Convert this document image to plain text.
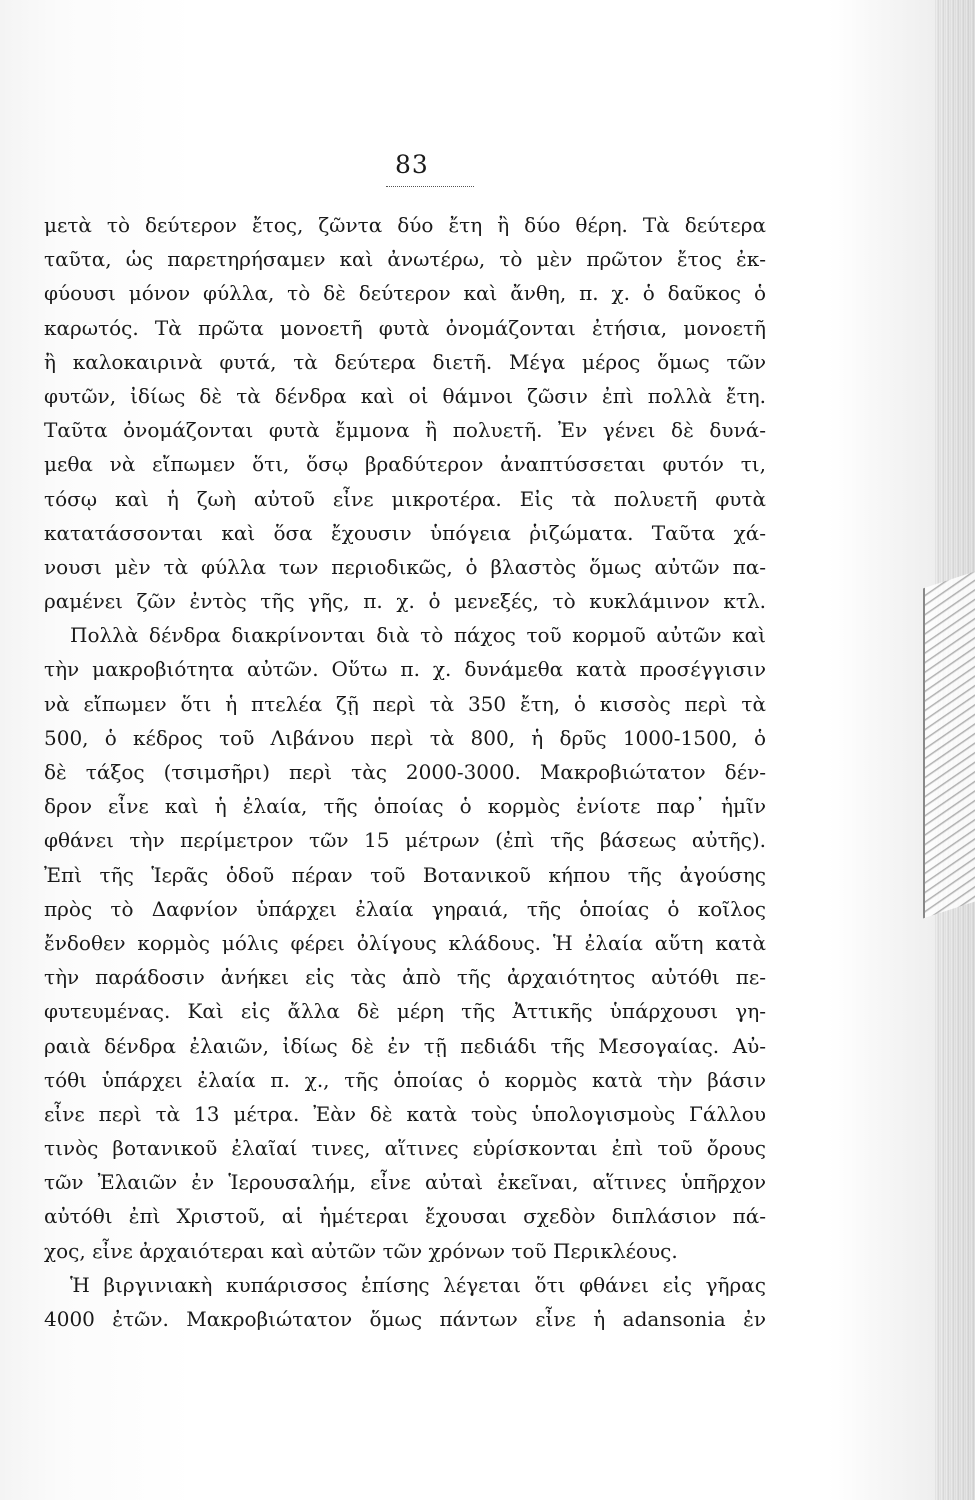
83
μετὰ τὸ δεύτερον ἔτος, ζῶντα δύο ἔτη ἢ δύο θέρη. Τὰ δεύτερα
ταῦτα, ὡς παρετηρήσαμεν καὶ ἀνωτέρω, τὸ μὲν πρῶτον ἔτος ἐκ-
φύουσι μόνον φύλλα, τὸ δὲ δεύτερον καὶ ἄνθη, π. χ. ὁ δαῦκος ὁ
καρωτός. Τὰ πρῶτα μονοετῆ φυτὰ ὀνομάζονται ἐτήσια, μονοετῆ
ἢ καλοκαιρινὰ φυτά, τὰ δεύτερα διετῆ. Μέγα μέρος ὅμως τῶν
φυτῶν, ἰδίως δὲ τὰ δένδρα καὶ οἱ θάμνοι ζῶσιν ἐπὶ πολλὰ ἔτη.
Ταῦτα ὀνομάζονται φυτὰ ἔμμονα ἢ πολυετῆ. Ἐν γένει δὲ δυνά-
μεθα νὰ εἴπωμεν ὅτι, ὅσῳ βραδύτερον ἀναπτύσσεται φυτόν τι,
τόσῳ καὶ ἡ ζωὴ αὐτοῦ εἶνε μικροτέρα. Εἰς τὰ πολυετῆ φυτὰ
κατατάσσονται καὶ ὅσα ἔχουσιν ὑπόγεια ῥιζώματα. Ταῦτα χά-
νουσι μὲν τὰ φύλλα των περιοδικῶς, ὁ βλαστὸς ὅμως αὐτῶν πα-
ραμένει ζῶν ἐντὸς τῆς γῆς, π. χ. ὁ μενεξές, τὸ κυκλάμινον κτλ.
Πολλὰ δένδρα διακρίνονται διὰ τὸ πάχος τοῦ κορμοῦ αὐτῶν καὶ
τὴν μακροβιότητα αὐτῶν. Οὕτω π. χ. δυνάμεθα κατὰ προσέγγισιν
νὰ εἴπωμεν ὅτι ἡ πτελέα ζῇ περὶ τὰ 350 ἔτη, ὁ κισσὸς περὶ τὰ
500, ὁ κέδρος τοῦ Λιβάνου περὶ τὰ 800, ἡ δρῦς 1000-1500, ὁ
δὲ τάξος (τσιμσῆρι) περὶ τὰς 2000-3000. Μακροβιώτατον δέν-
δρον εἶνε καὶ ἡ ἐλαία, τῆς ὁποίας ὁ κορμὸς ἐνίοτε παρ᾽ ἡμῖν
φθάνει τὴν περίμετρον τῶν 15 μέτρων (ἐπὶ τῆς βάσεως αὐτῆς).
Ἐπὶ τῆς Ἱερᾶς ὁδοῦ πέραν τοῦ Βοτανικοῦ κήπου τῆς ἀγούσης
πρὸς τὸ Δαφνίον ὑπάρχει ἐλαία γηραιά, τῆς ὁποίας ὁ κοῖλος
ἔνδοθεν κορμὸς μόλις φέρει ὀλίγους κλάδους. Ἡ ἐλαία αὕτη κατὰ
τὴν παράδοσιν ἀνήκει εἰς τὰς ἀπὸ τῆς ἀρχαιότητος αὐτόθι πε-
φυτευμένας. Καὶ εἰς ἄλλα δὲ μέρη τῆς Ἀττικῆς ὑπάρχουσι γη-
ραιὰ δένδρα ἐλαιῶν, ἰδίως δὲ ἐν τῇ πεδιάδι τῆς Μεσογαίας. Αὐ-
τόθι ὑπάρχει ἐλαία π. χ., τῆς ὁποίας ὁ κορμὸς κατὰ τὴν βάσιν
εἶνε περὶ τὰ 13 μέτρα. Ἐὰν δὲ κατὰ τοὺς ὑπολογισμοὺς Γάλλου
τινὸς βοτανικοῦ ἐλαῖαί τινες, αἵτινες εὑρίσκονται ἐπὶ τοῦ ὄρους
τῶν Ἐλαιῶν ἐν Ἱερουσαλήμ, εἶνε αὐταὶ ἐκεῖναι, αἵτινες ὑπῆρχον
αὐτόθι ἐπὶ Χριστοῦ, αἱ ἡμέτεραι ἔχουσαι σχεδὸν διπλάσιον πά-
χος, εἶνε ἀρχαιότεραι καὶ αὐτῶν τῶν χρόνων τοῦ Περικλέους.
Ἡ βιργινιακὴ κυπάρισσος ἐπίσης λέγεται ὅτι φθάνει εἰς γῆρας
4000 ἐτῶν. Μακροβιώτατον ὅμως πάντων εἶνε ἡ adansonia ἐν
